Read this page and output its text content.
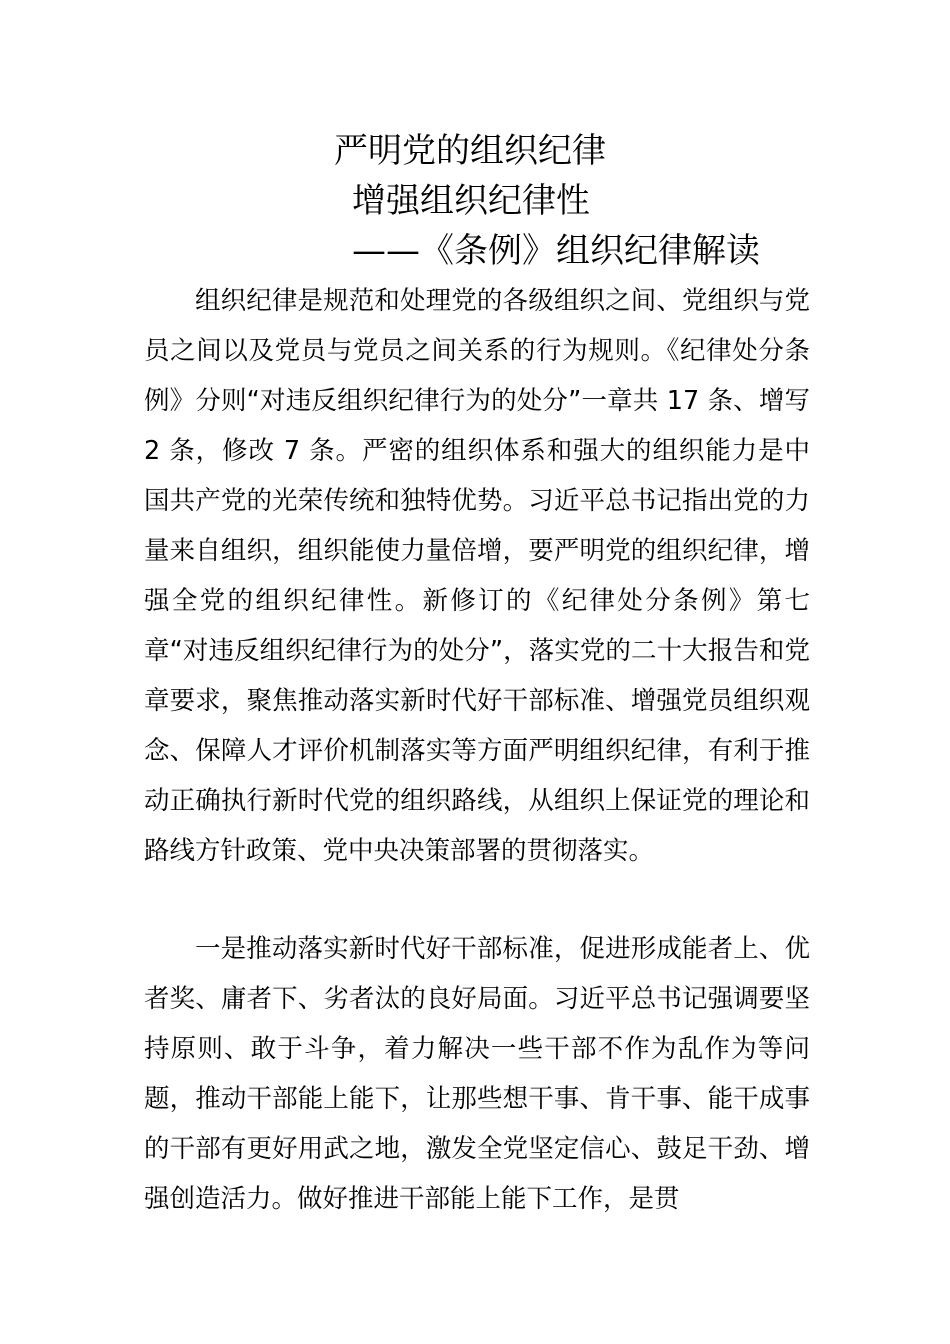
严明党的组织纪律
增强组织纪律性
——《条例》组织纪律解读

组织纪律是规范和处理党的各级组织之间、党组织与党员之间以及党员与党员之间关系的行为规则。《纪律处分条例》分则“对违反组织纪律行为的处分”一章共 17 条、增写 2 条，修改 7 条。严密的组织体系和强大的组织能力是中国共产党的光荣传统和独特优势。习近平总书记指出党的力量来自组织，组织能使力量倍增，要严明党的组织纪律，增强全党的组织纪律性。新修订的《纪律处分条例》第七章“对违反组织纪律行为的处分”，落实党的二十大报告和党章要求，聚焦推动落实新时代好干部标准、增强党员组织观念、保障人才评价机制落实等方面严明组织纪律，有利于推动正确执行新时代党的组织路线，从组织上保证党的理论和路线方针政策、党中央决策部署的贯彻落实。

一是推动落实新时代好干部标准，促进形成能者上、优者奖、庸者下、劣者汰的良好局面。习近平总书记强调要坚持原则、敢于斗争，着力解决一些干部不作为乱作为等问题，推动干部能上能下，让那些想干事、肯干事、能干成事的干部有更好用武之地，激发全党坚定信心、鼓足干劲、增强创造活力。做好推进干部能上能下工作，是贯
